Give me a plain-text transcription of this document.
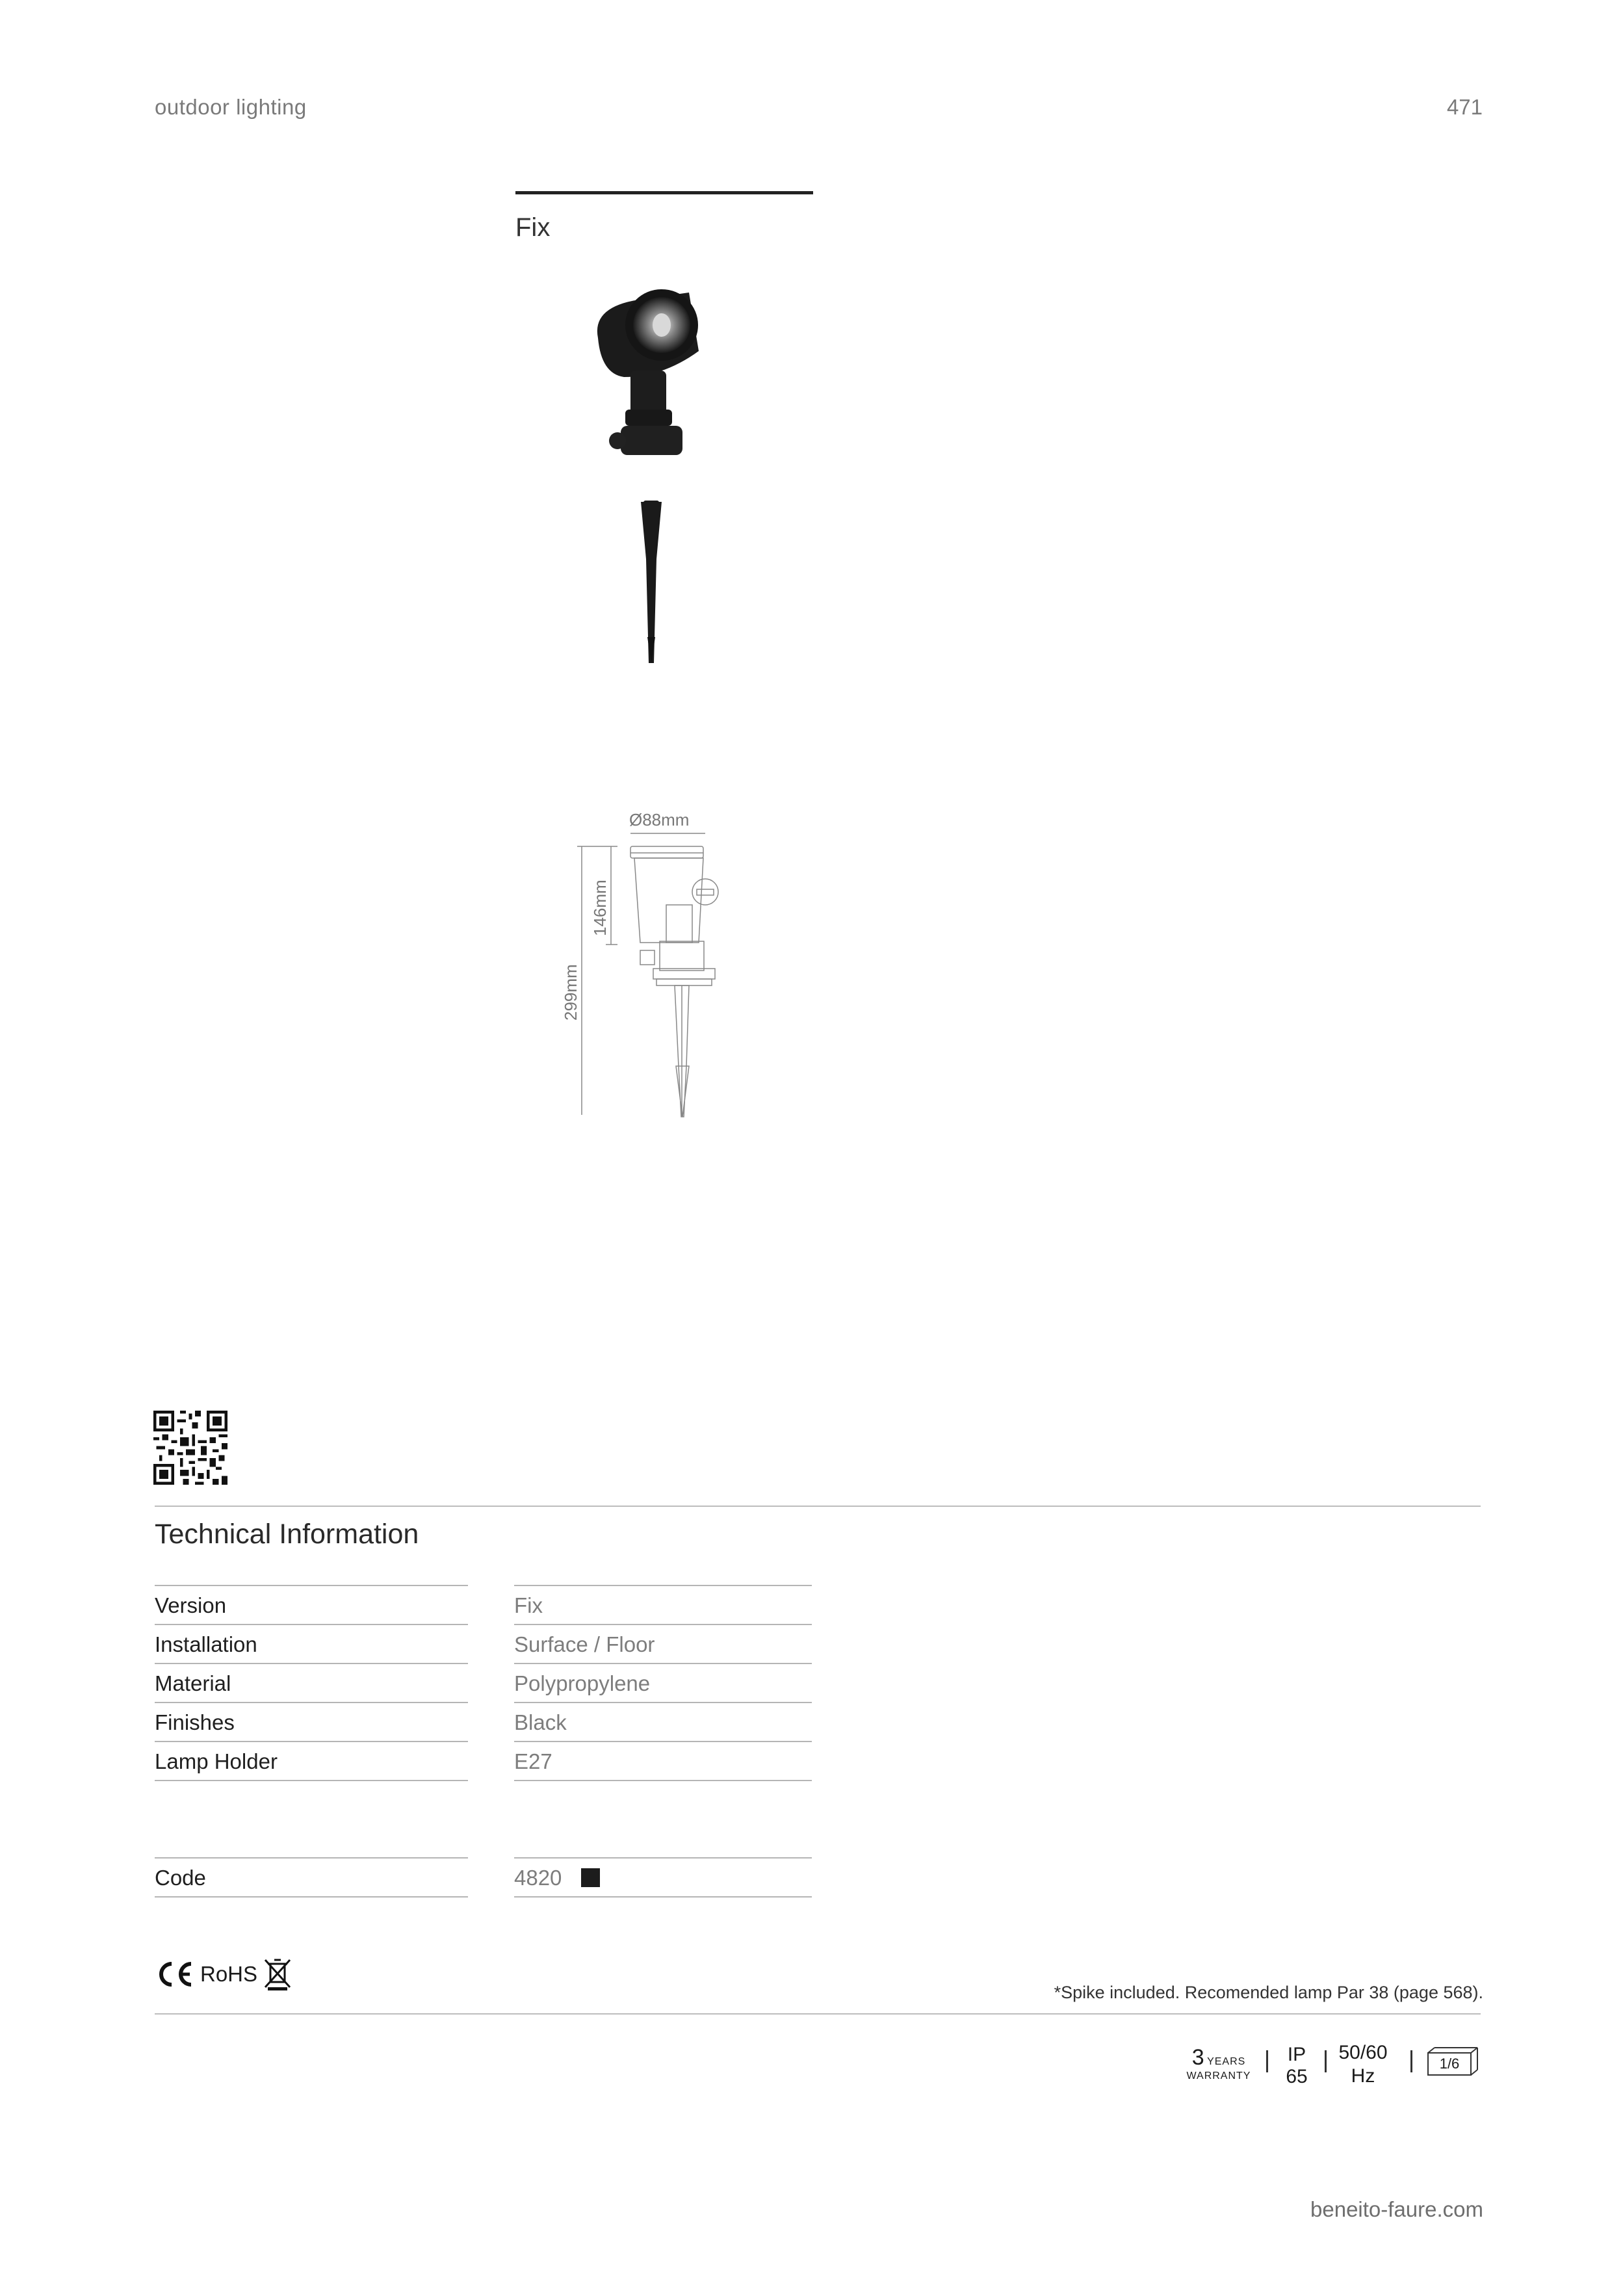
outdoor lighting	471
Fix
Ø88mm
146mm
299mm
Technical Information
Version	Fix
Installation	Surface / Floor
Material	Polypropylene
Finishes	Black
Lamp Holder	E27
Code	4820
RoHS
*Spike included. Recomended lamp Par 38 (page 568).
3 YEARS
WARRANTY
IP
65
50/60
Hz
1/6
beneito-faure.com
